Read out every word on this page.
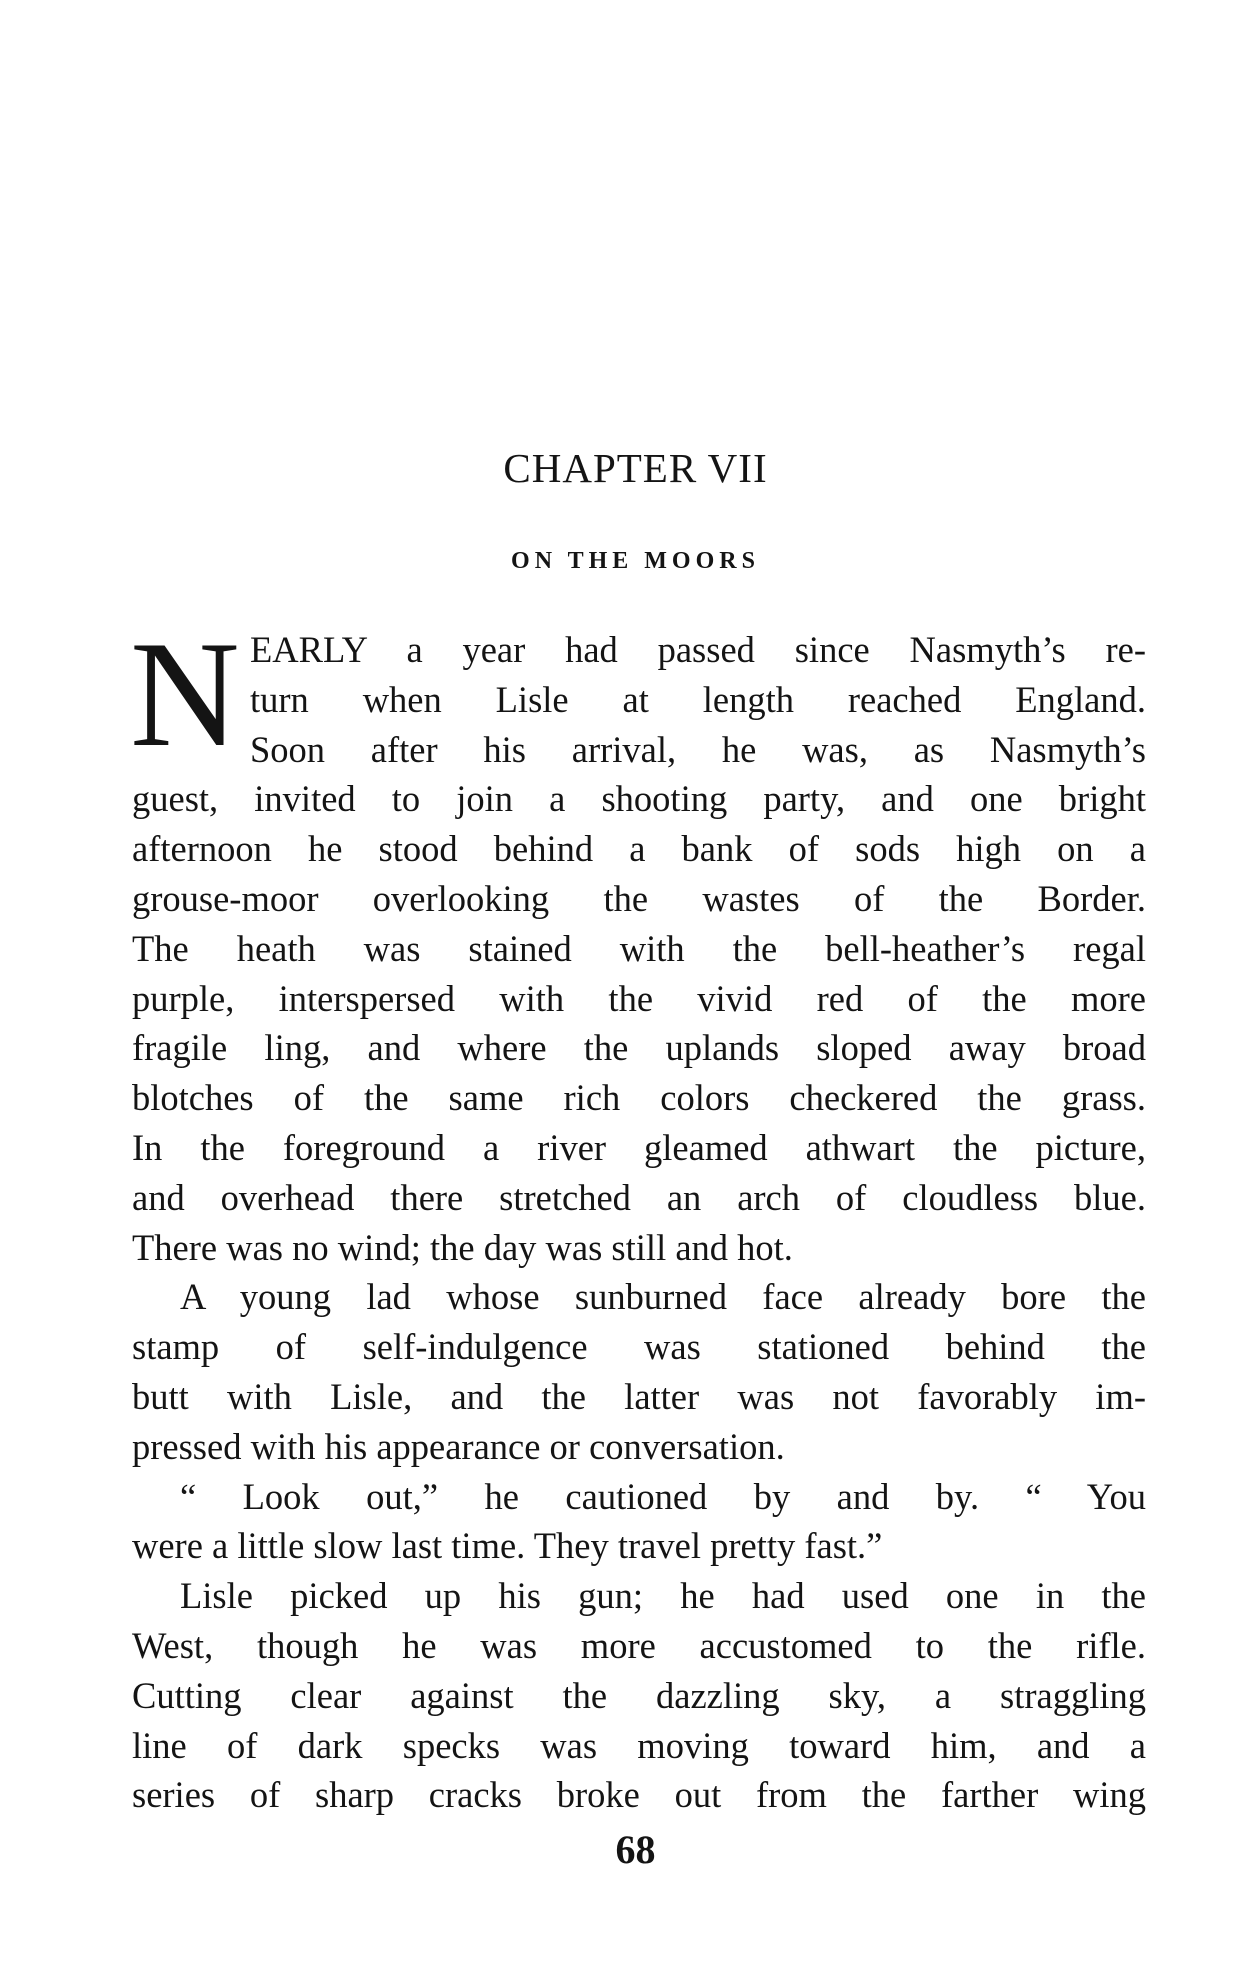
CHAPTER VII
ON THE MOORS
N EARLY a year had passed since Nasmyth’s re-
turn when Lisle at length reached England.
Soon after his arrival, he was, as Nasmyth’s
guest, invited to join a shooting party, and one bright
afternoon he stood behind a bank of sods high on a
grouse-moor overlooking the wastes of the Border.
The heath was stained with the bell-heather’s regal
purple, interspersed with the vivid red of the more
fragile ling, and where the uplands sloped away broad
blotches of the same rich colors checkered the grass.
In the foreground a river gleamed athwart the picture,
and overhead there stretched an arch of cloudless blue.
There was no wind; the day was still and hot.
A young lad whose sunburned face already bore the
stamp of self-indulgence was stationed behind the
butt with Lisle, and the latter was not favorably im-
pressed with his appearance or conversation.
“ Look out,” he cautioned by and by. “ You
were a little slow last time. They travel pretty fast.”
Lisle picked up his gun; he had used one in the
West, though he was more accustomed to the rifle.
Cutting clear against the dazzling sky, a straggling
line of dark specks was moving toward him, and a
series of sharp cracks broke out from the farther wing
68
